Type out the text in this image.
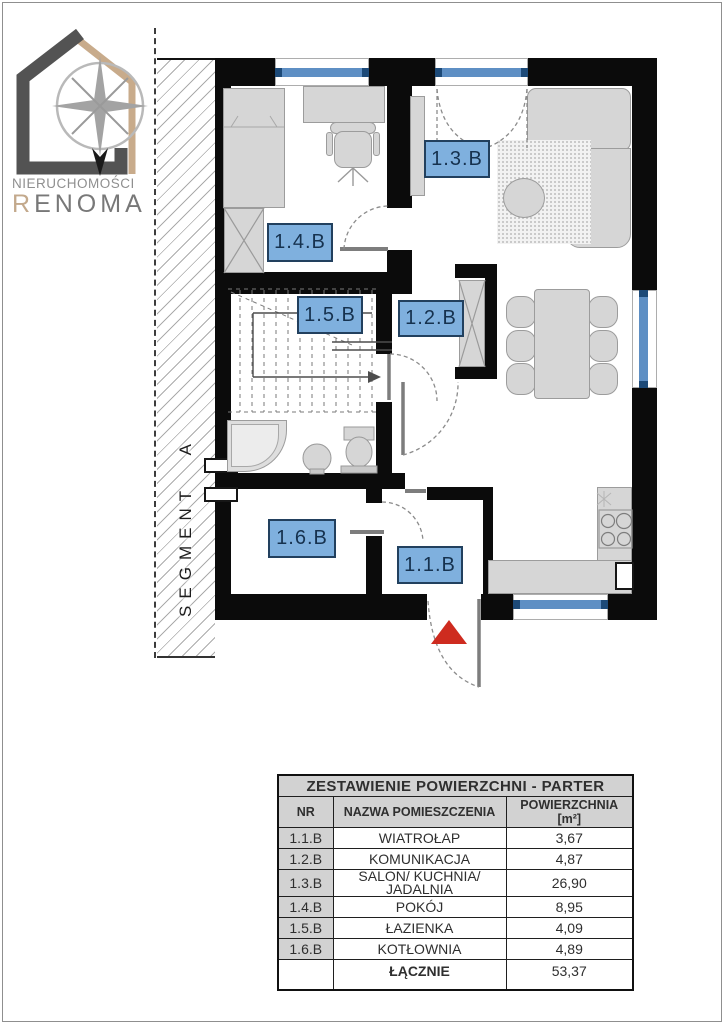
NIERUCHOMOŚCI
RENOMA
SEGMENT A
1.3.B
1.4.B
1.5.B	1.2.B
1.6.B
1.1.B
ZESTAWIENIE POWIERZCHNI - PARTER		
NR	NAZWA POMIESZCZENIA	POWIERZCHNIA [m²]
1.1.B	WIATROŁAP	3,67
1.2.B	KOMUNIKACJA	4,87
1.3.B	SALON/ KUCHNIA/ JADALNIA	26,90
1.4.B	POKÓJ	8,95
1.5.B	ŁAZIENKA	4,09
1.6.B	KOTŁOWNIA	4,89
	ŁĄCZNIE	53,37
